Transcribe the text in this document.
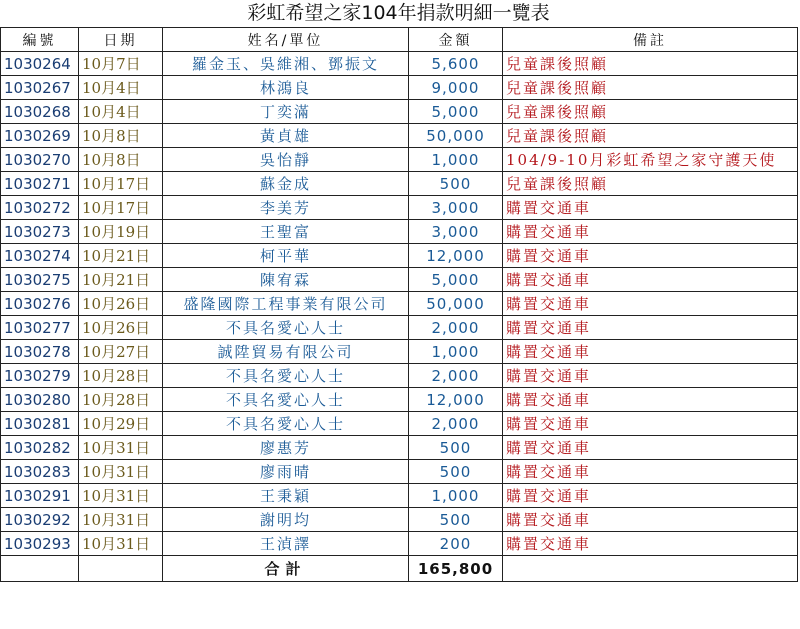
彩虹希望之家104年捐款明細一覽表
編號	日期	姓名/單位	金額	備註
1030264	10月7日	羅金玉、吳維湘、鄧振文	5,600	兒童課後照顧
1030267	10月4日	林鴻良	9,000	兒童課後照顧
1030268	10月4日	丁奕滿	5,000	兒童課後照顧
1030269	10月8日	黃貞雄	50,000	兒童課後照顧
1030270	10月8日	吳怡靜	1,000	104/9-10月彩虹希望之家守護天使
1030271	10月17日	蘇金成	500	兒童課後照顧
1030272	10月17日	李美芳	3,000	購置交通車
1030273	10月19日	王聖富	3,000	購置交通車
1030274	10月21日	柯平華	12,000	購置交通車
1030275	10月21日	陳宥霖	5,000	購置交通車
1030276	10月26日	盛隆國際工程事業有限公司	50,000	購置交通車
1030277	10月26日	不具名愛心人士	2,000	購置交通車
1030278	10月27日	誠陞貿易有限公司	1,000	購置交通車
1030279	10月28日	不具名愛心人士	2,000	購置交通車
1030280	10月28日	不具名愛心人士	12,000	購置交通車
1030281	10月29日	不具名愛心人士	2,000	購置交通車
1030282	10月31日	廖惠芳	500	購置交通車
1030283	10月31日	廖雨晴	500	購置交通車
1030291	10月31日	王秉穎	1,000	購置交通車
1030292	10月31日	謝明均	500	購置交通車
1030293	10月31日	王湞譯	200	購置交通車
		合計	165,800	
